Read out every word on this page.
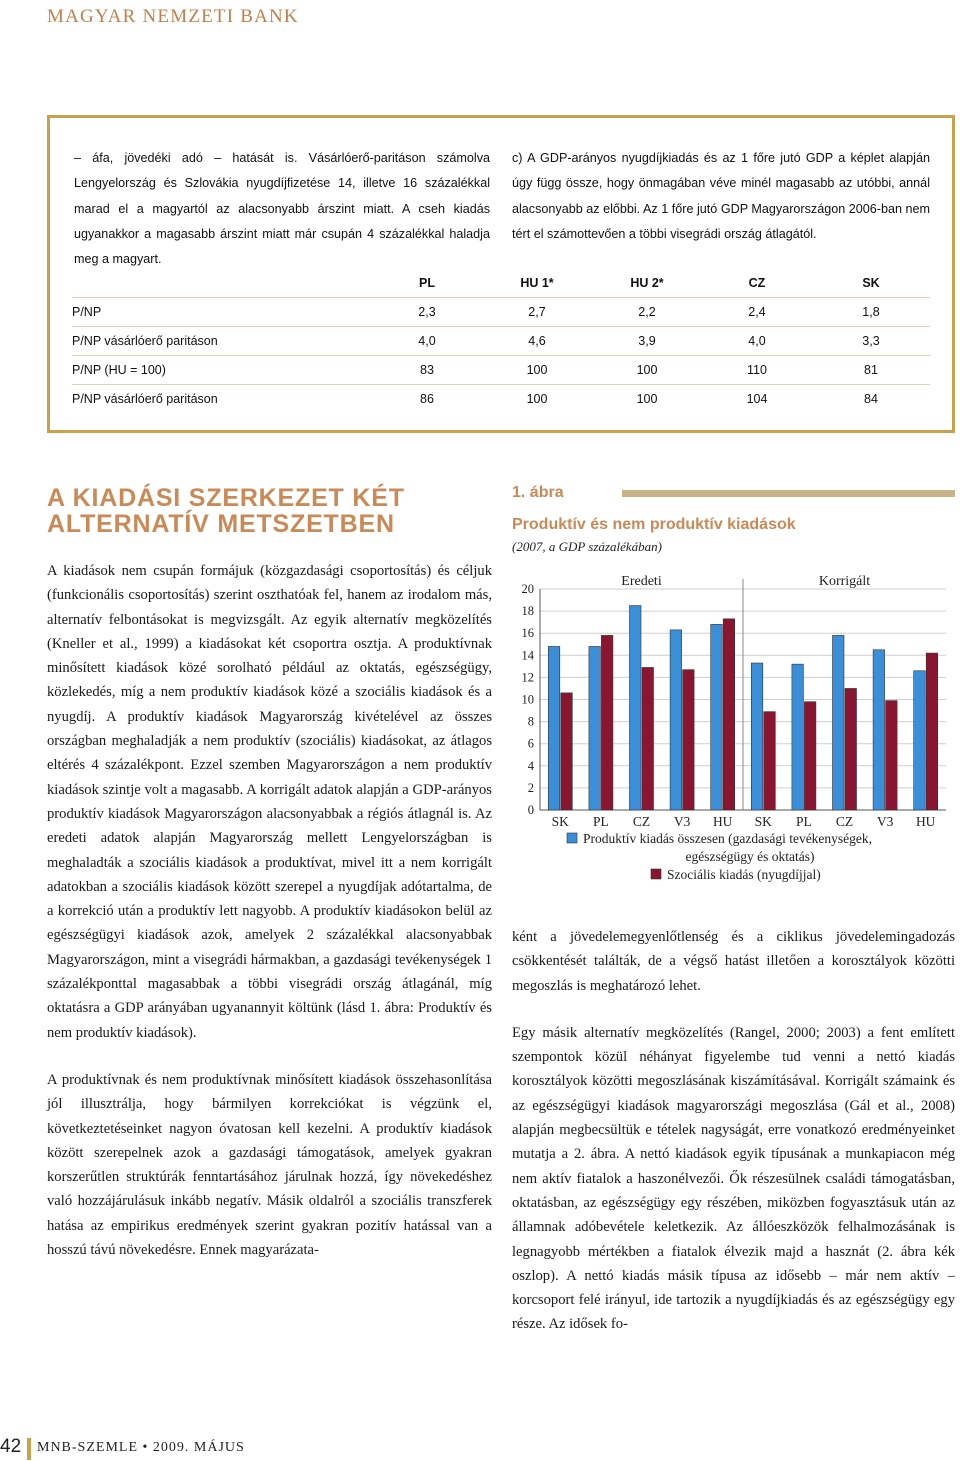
MAGYAR NEMZETI BANK

– áfa, jövedéki adó – hatását is. Vásárlóerő-paritáson számolva Lengyelország és Szlovákia nyugdíjfizetése 14, illetve 16 százalékkal marad el a magyartól az alacsonyabb árszint miatt. A cseh kiadás ugyanakkor a magasabb árszint miatt már csupán 4 százalékkal haladja meg a magyart.

c) A GDP-arányos nyugdíjkiadás és az 1 főre jutó GDP a képlet alapján úgy függ össze, hogy önmagában véve minél magasabb az utóbbi, annál alacsonyabb az előbbi. Az 1 főre jutó GDP Magyarországon 2006-ban nem tért el számottevően a többi visegrádi ország átlagától.

	PL	HU 1*	HU 2*	CZ	SK
P/NP	2,3	2,7	2,2	2,4	1,8
P/NP vásárlóerő paritáson	4,0	4,6	3,9	4,0	3,3
P/NP (HU = 100)	83	100	100	110	81
P/NP vásárlóerő paritáson	86	100	100	104	84
A KIADÁSI SZERKEZET KÉT ALTERNATÍV METSZETBEN

A kiadások nem csupán formájuk (közgazdasági csoportosítás) és céljuk (funkcionális csoportosítás) szerint oszthatóak fel, hanem az irodalom más, alternatív felbontásokat is megvizsgált. Az egyik alternatív megközelítés (Kneller et al., 1999) a kiadásokat két csoportra osztja. A produktívnak minősített kiadások közé sorolható például az oktatás, egészségügy, közlekedés, míg a nem produktív kiadások közé a szociális kiadások és a nyugdíj. A produktív kiadások Magyarország kivételével az összes országban meghaladják a nem produktív (szociális) kiadásokat, az átlagos eltérés 4 százalékpont. Ezzel szemben Magyarországon a nem produktív kiadások szintje volt a magasabb. A korrigált adatok alapján a GDP-arányos produktív kiadások Magyarországon alacsonyabbak a régiós átlagnál is. Az eredeti adatok alapján Magyarország mellett Lengyelországban is meghaladták a szociális kiadások a produktívat, mivel itt a nem korrigált adatokban a szociális kiadások között szerepel a nyugdíjak adótartalma, de a korrekció után a produktív lett nagyobb. A produktív kiadásokon belül az egészségügyi kiadások azok, amelyek 2 százalékkal alacsonyabbak Magyarországon, mint a visegrádi hármakban, a gazdasági tevékenységek 1 százalékponttal magasabbak a többi visegrádi ország átlagánál, míg oktatásra a GDP arányában ugyanannyit költünk (lásd 1. ábra: Produktív és nem produktív kiadások).

A produktívnak és nem produktívnak minősített kiadások összehasonlítása jól illusztrálja, hogy bármilyen korrekciókat is végzünk el, következtetéseinket nagyon óvatosan kell kezelni. A produktív kiadások között szerepelnek azok a gazdasági támogatások, amelyek gyakran korszerűtlen struktúrák fenntartásához járulnak hozzá, így növekedéshez való hozzájárulásuk inkább negatív. Másik oldalról a szociális transzferek hatása az empirikus eredmények szerint gyakran pozitív hatással van a hosszú távú növekedésre. Ennek magyarázata-

1. ábra
Produktív és nem produktív kiadások
(2007, a GDP százalékában)
0
2
4
6
8
10
12
14
16
18
20
SK PL CZ V3 HU SK PL CZ V3 HU
Eredeti	Korrigált
Produktív kiadás összesen (gazdasági tevékenységek,
egészségügy és oktatás)
Szociális kiadás (nyugdíjjal)

ként a jövedelemegyenlőtlenség és a ciklikus jövedelemingadozás csökkentését találták, de a végső hatást illetően a korosztályok közötti megoszlás is meghatározó lehet.

Egy másik alternatív megközelítés (Rangel, 2000; 2003) a fent említett szempontok közül néhányat figyelembe tud venni a nettó kiadás korosztályok közötti megoszlásának kiszámításával. Korrigált számaink és az egészségügyi kiadások magyarországi megoszlása (Gál et al., 2008) alapján megbecsültük e tételek nagyságát, erre vonatkozó eredményeinket mutatja a 2. ábra. A nettó kiadások egyik típusának a munkapiacon még nem aktív fiatalok a haszonélvezői. Ők részesülnek családi támogatásban, oktatásban, az egészségügy egy részében, miközben fogyasztásuk után az államnak adóbevétele keletkezik. Az állóeszközök felhalmozásának is legnagyobb mértékben a fiatalok élvezik majd a hasznát (2. ábra kék oszlop). A nettó kiadás másik típusa az idősebb – már nem aktív – korcsoport felé irányul, ide tartozik a nyugdíjkiadás és az egészségügy egy része. Az idősek fo-

42 MNB-SZEMLE • 2009. MÁJUS
